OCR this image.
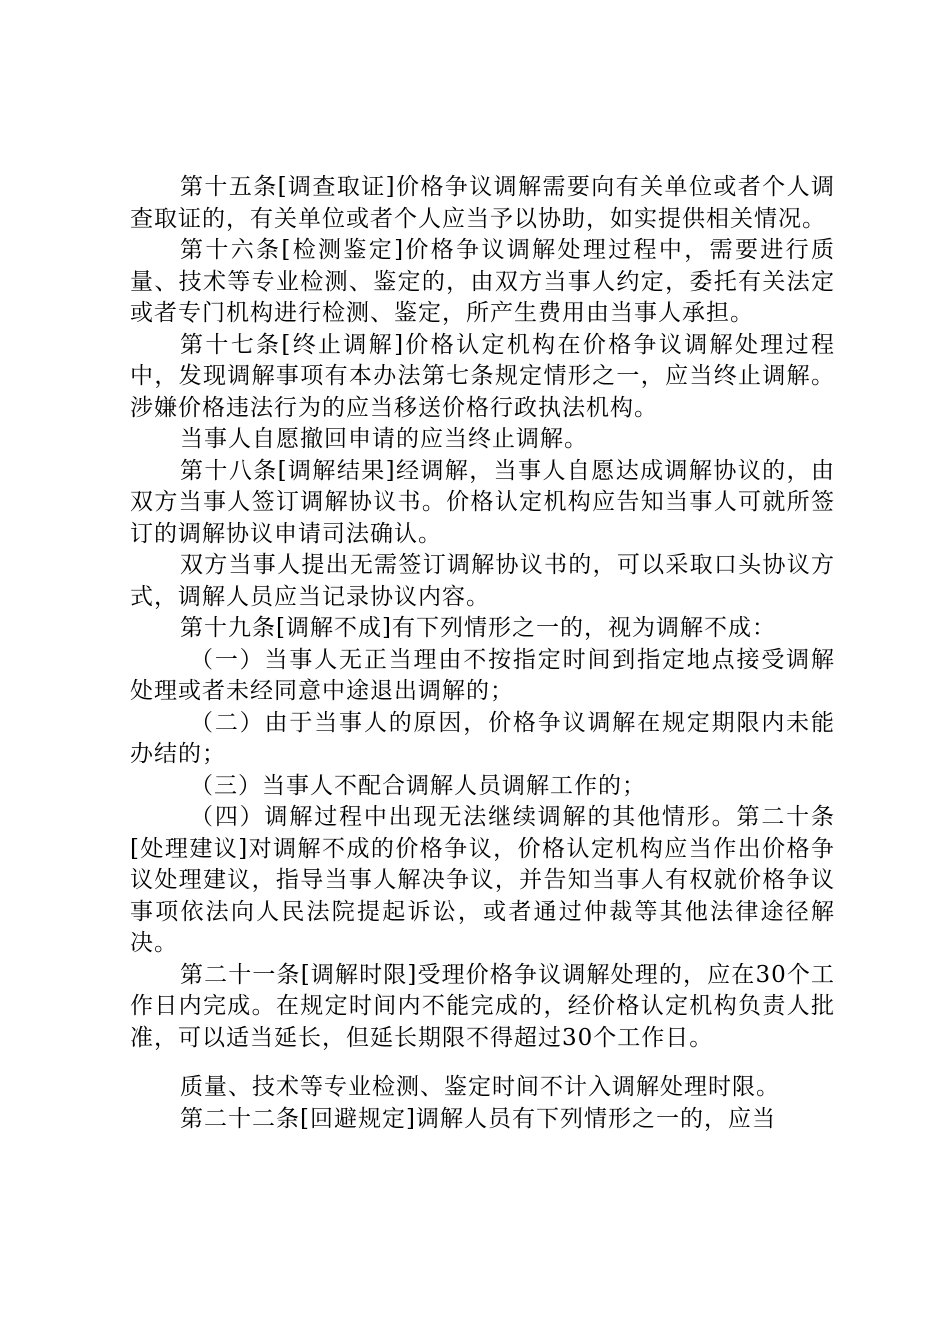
第十五条[调查取证]价格争议调解需要向有关单位或者个人调查取证的，有关单位或者个人应当予以协助，如实提供相关情况。

第十六条[检测鉴定]价格争议调解处理过程中，需要进行质量、技术等专业检测、鉴定的，由双方当事人约定，委托有关法定或者专门机构进行检测、鉴定，所产生费用由当事人承担。

第十七条[终止调解]价格认定机构在价格争议调解处理过程中，发现调解事项有本办法第七条规定情形之一，应当终止调解。涉嫌价格违法行为的应当移送价格行政执法机构。

当事人自愿撤回申请的应当终止调解。

第十八条[调解结果]经调解，当事人自愿达成调解协议的，由双方当事人签订调解协议书。价格认定机构应告知当事人可就所签订的调解协议申请司法确认。

双方当事人提出无需签订调解协议书的，可以采取口头协议方式，调解人员应当记录协议内容。

第十九条[调解不成]有下列情形之一的，视为调解不成：

（一）当事人无正当理由不按指定时间到指定地点接受调解处理或者未经同意中途退出调解的；

（二）由于当事人的原因，价格争议调解在规定期限内未能办结的；

（三）当事人不配合调解人员调解工作的；

（四）调解过程中出现无法继续调解的其他情形。第二十条[处理建议]对调解不成的价格争议，价格认定机构应当作出价格争议处理建议，指导当事人解决争议，并告知当事人有权就价格争议事项依法向人民法院提起诉讼，或者通过仲裁等其他法律途径解决。

第二十一条[调解时限]受理价格争议调解处理的，应在30个工作日内完成。在规定时间内不能完成的，经价格认定机构负责人批准，可以适当延长，但延长期限不得超过30个工作日。

质量、技术等专业检测、鉴定时间不计入调解处理时限。

第二十二条[回避规定]调解人员有下列情形之一的，应当
